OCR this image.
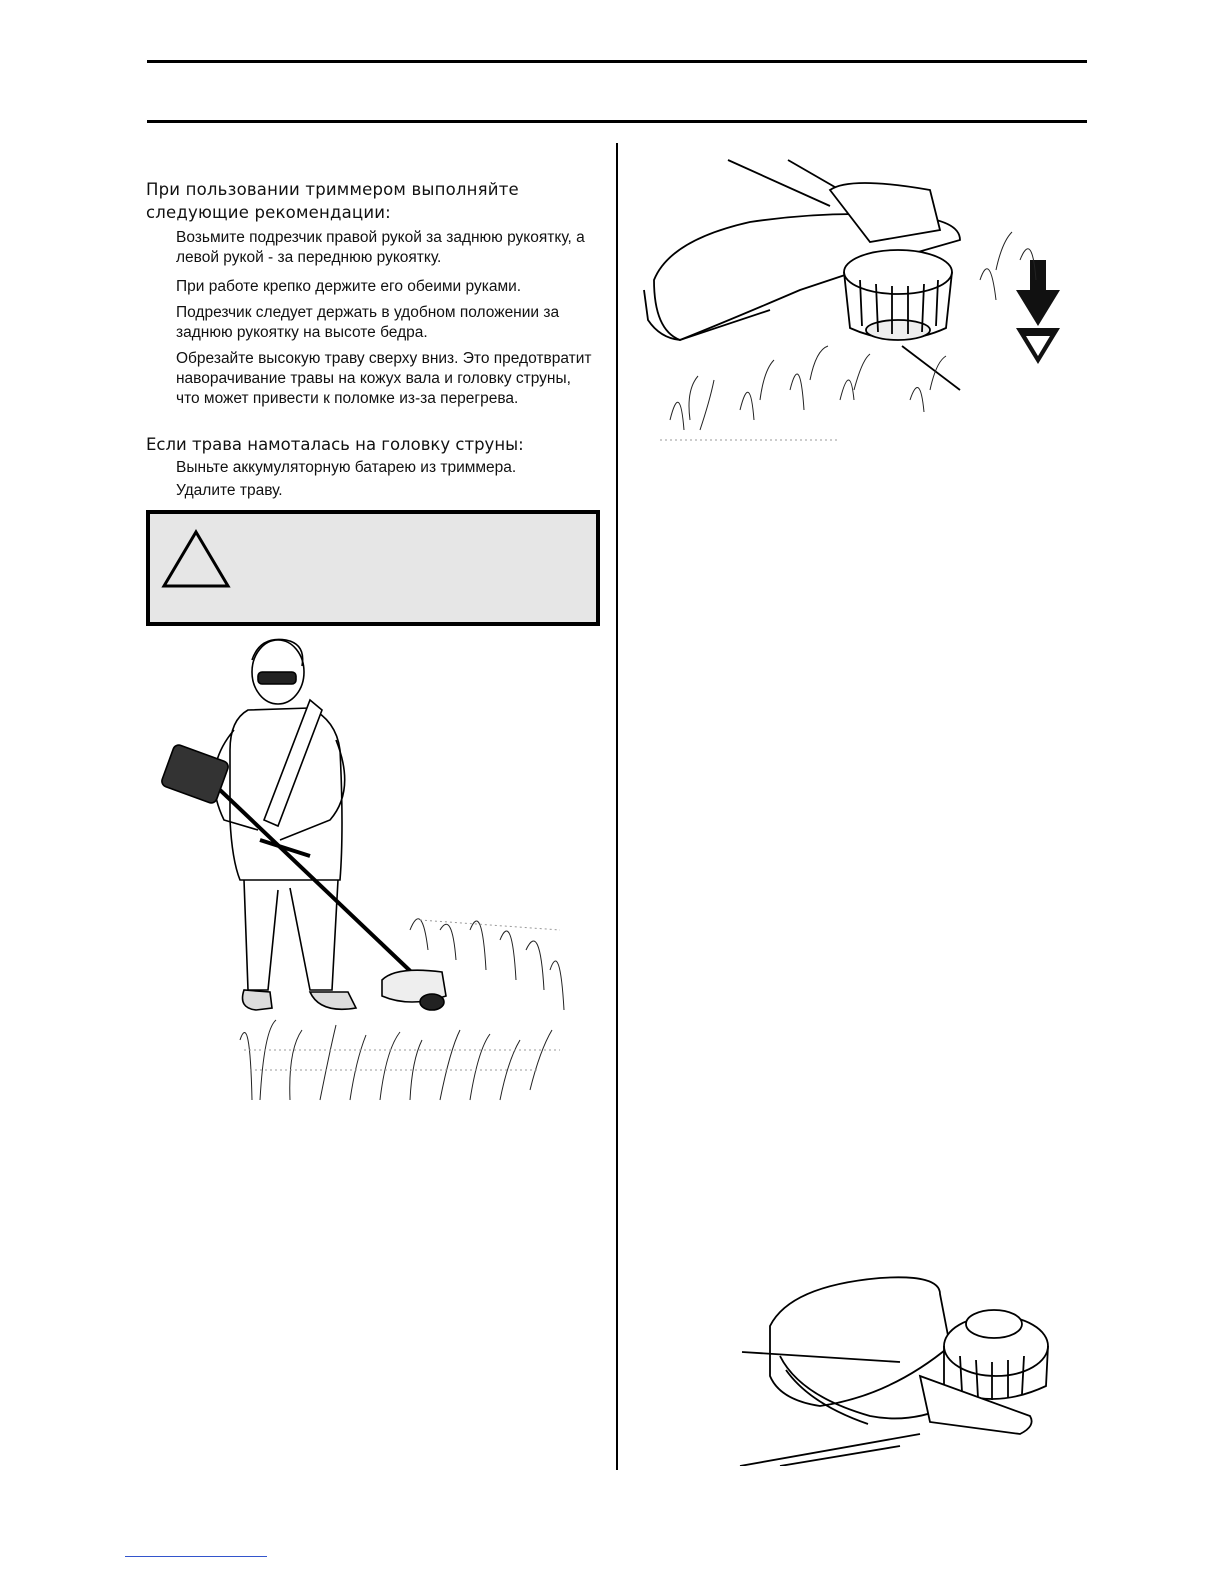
При пользовании триммером выполняйте следующие рекомендации:
Возьмите подрезчик правой рукой за заднюю рукоятку, а левой рукой - за переднюю рукоятку.
При работе крепко держите его обеими руками.
Подрезчик следует держать в удобном положении за заднюю рукоятку на высоте бедра.
Обрезайте высокую траву сверху вниз. Это предотвратит наворачивание травы на кожух вала и головку струны, что может привести к поломке из-за перегрева.
Если трава намоталась на головку струны:
Выньте аккумуляторную батарею из триммера.
Удалите траву.
